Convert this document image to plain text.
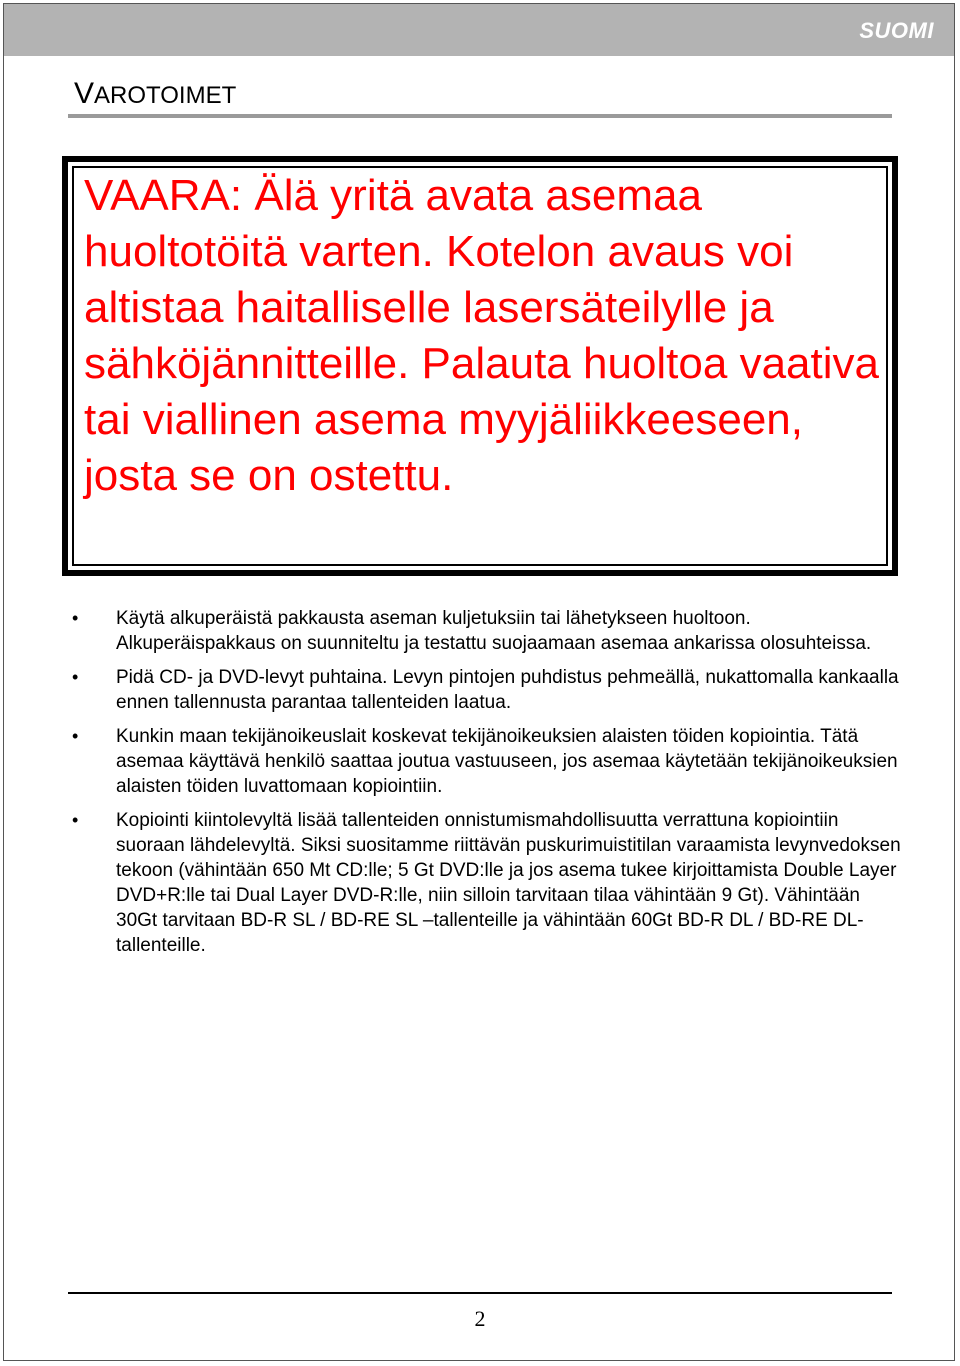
SUOMI
VAROTOIMET

VAARA: Älä yritä avata asemaa huoltotöitä varten. Kotelon avaus voi altistaa haitalliselle lasersäteilylle ja sähköjännitteille. Palauta huoltoa vaativa tai viallinen asema myyjäliikkeeseen, josta se on ostettu.

• Käytä alkuperäistä pakkausta aseman kuljetuksiin tai lähetykseen huoltoon. Alkuperäispakkaus on suunniteltu ja testattu suojaamaan asemaa ankarissa olosuhteissa.
• Pidä CD- ja DVD-levyt puhtaina. Levyn pintojen puhdistus pehmeällä, nukattomalla kankaalla ennen tallennusta parantaa tallenteiden laatua.
• Kunkin maan tekijänoikeuslait koskevat tekijänoikeuksien alaisten töiden kopiointia. Tätä asemaa käyttävä henkilö saattaa joutua vastuuseen, jos asemaa käytetään tekijänoikeuksien alaisten töiden luvattomaan kopiointiin.
• Kopiointi kiintolevyltä lisää tallenteiden onnistumismahdollisuutta verrattuna kopiointiin suoraan lähdelevyltä. Siksi suositamme riittävän puskurimuistitilan varaamista levynvedoksen tekoon (vähintään 650 Mt CD:lle; 5 Gt DVD:lle ja jos asema tukee kirjoittamista Double Layer DVD+R:lle tai Dual Layer DVD-R:lle, niin silloin tarvitaan tilaa vähintään 9 Gt). Vähintään 30Gt tarvitaan BD-R SL / BD-RE SL –tallenteille ja vähintään 60Gt BD-R DL / BD-RE DL-tallenteille.
2
